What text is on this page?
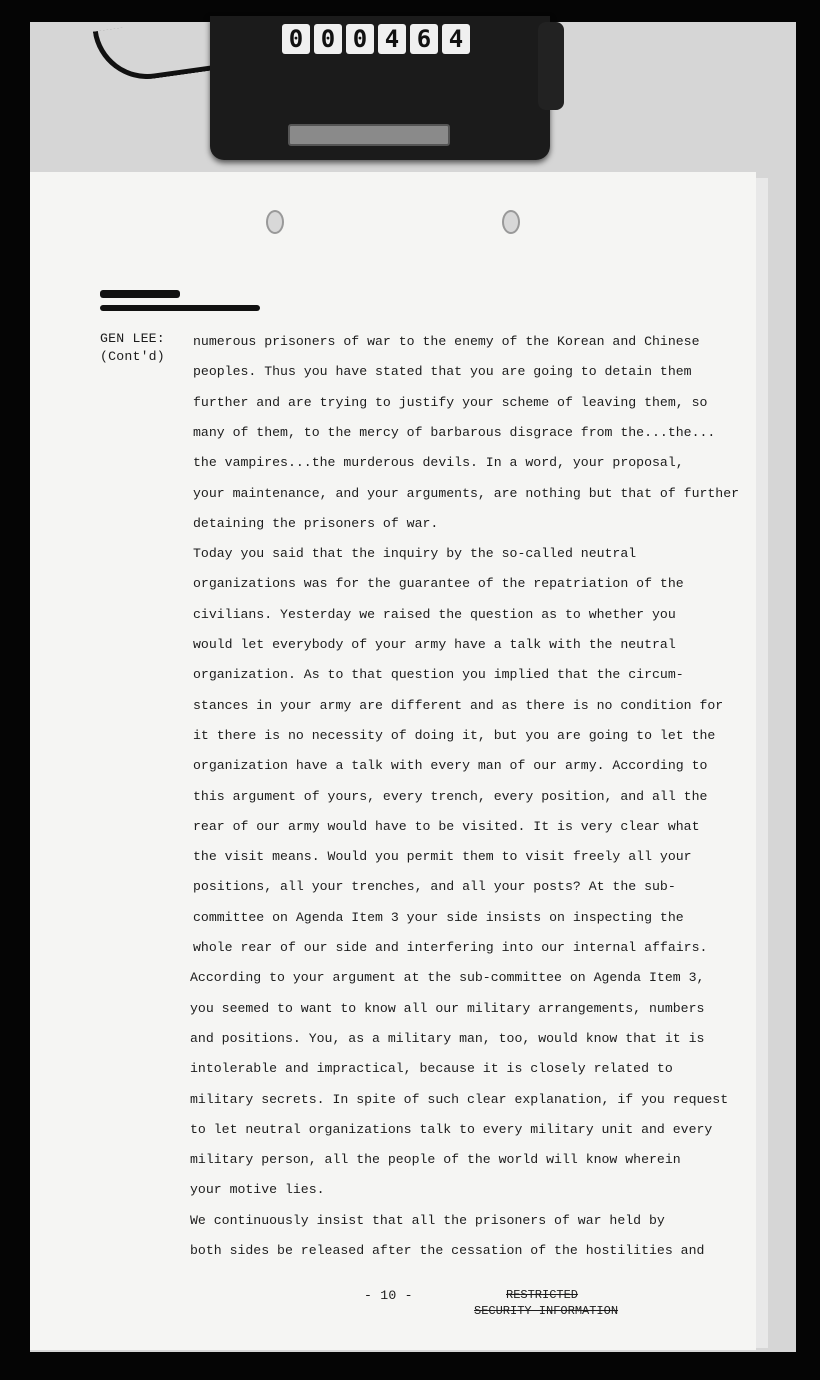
0 0 0 4 6 4
GEN LEE:
(Cont'd)
numerous prisoners of war to the enemy of the Korean and Chinese
peoples. Thus you have stated that you are going to detain them
further and are trying to justify your scheme of leaving them, so
many of them, to the mercy of barbarous disgrace from the...the...
the vampires...the murderous devils. In a word, your proposal,
your maintenance, and your arguments, are nothing but that of further
detaining the prisoners of war.
Today you said that the inquiry by the so-called neutral
organizations was for the guarantee of the repatriation of the
civilians. Yesterday we raised the question as to whether you
would let everybody of your army have a talk with the neutral
organization. As to that question you implied that the circum-
stances in your army are different and as there is no condition for
it there is no necessity of doing it, but you are going to let the
organization have a talk with every man of our army. According to
this argument of yours, every trench, every position, and all the
rear of our army would have to be visited. It is very clear what
the visit means. Would you permit them to visit freely all your
positions, all your trenches, and all your posts? At the sub-
committee on Agenda Item 3 your side insists on inspecting the
whole rear of our side and interfering into our internal affairs.
According to your argument at the sub-committee on Agenda Item 3,
you seemed to want to know all our military arrangements, numbers
and positions. You, as a military man, too, would know that it is
intolerable and impractical, because it is closely related to
military secrets. In spite of such clear explanation, if you request
to let neutral organizations talk to every military unit and every
military person, all the people of the world will know wherein
your motive lies.
We continuously insist that all the prisoners of war held by
both sides be released after the cessation of the hostilities and
- 10 -	RESTRICTED
SECURITY INFORMATION
